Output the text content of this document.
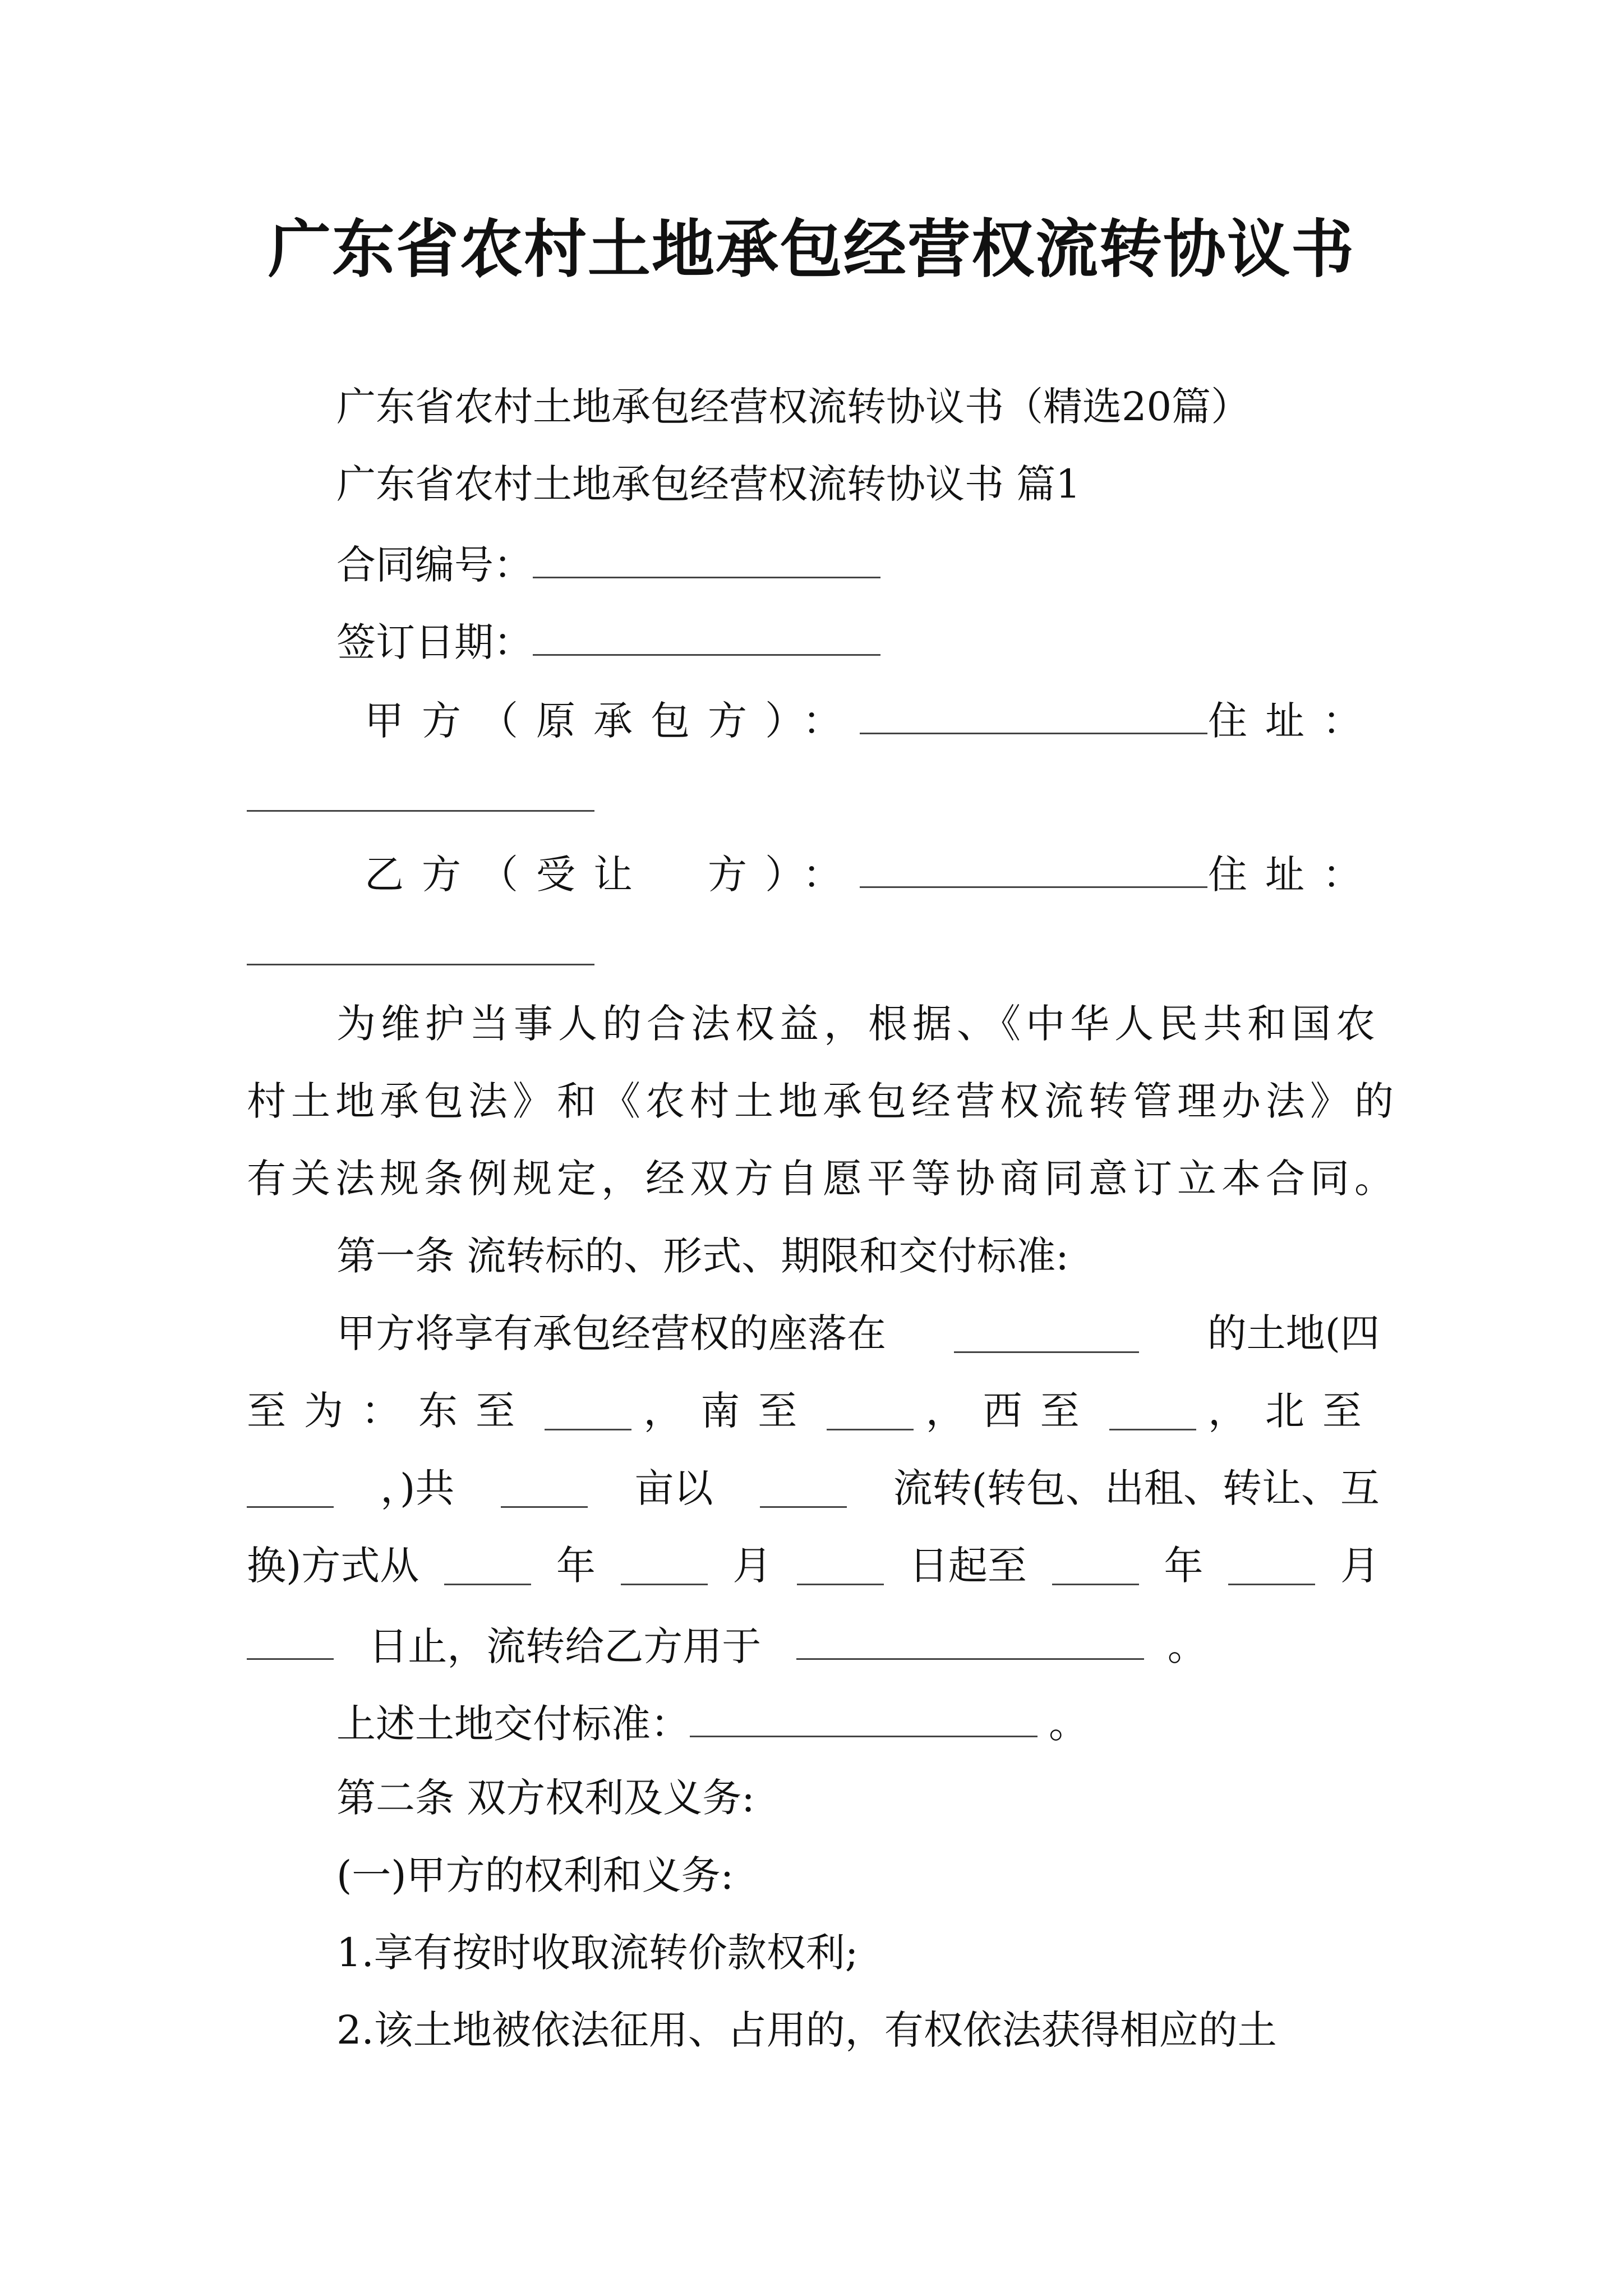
广东省农村土地承包经营权流转协议书
广东省农村土地承包经营权流转协议书（精选20篇）
广东省农村土地承包经营权流转协议书 篇1
合同编号：
签订日期：
甲方（原承包方）：	住址：
乙方（受让　方）：	住址：
为维护当事人的合法权益，根据、《中华人民共和国农
村土地承包法》和《农村土地承包经营权流转管理办法》的
有关法规条例规定，经双方自愿平等协商同意订立本合同。
第一条 流转标的、形式、期限和交付标准:
甲方将享有承包经营权的座落在	的土地(四
至为：东至	，南至	，西至	，北至
，)共	亩以	流转(转包、出租、转让、互
换)方式从	年	月	日起至	年	月
日止，流转给乙方用于	。
上述土地交付标准：	。
第二条 双方权利及义务:
(一)甲方的权利和义务:
1.享有按时收取流转价款权利;
2.该土地被依法征用、占用的，有权依法获得相应的土
